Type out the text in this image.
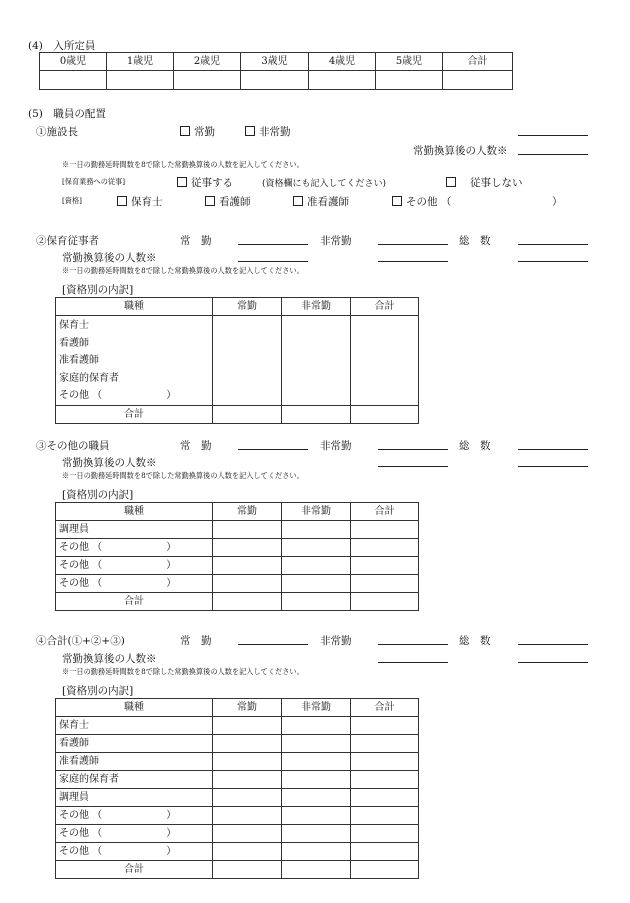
(4)　入所定員
0歳児	1歳児	2歳児	3歳児	4歳児	5歳児	合計

(5)　職員の配置
①施設長	常勤	非常勤
常勤換算後の人数※
※一日の勤務延時間数を8で除した常勤換算後の人数を記入してください。
[保育業務への従事]	従事する	(資格欄にも記入してください)	従事しない
[資格]	保育士	看護師	准看護師	その他 （	）
②保育従事者	常　勤	非常勤	総　数
常勤換算後の人数※
※一日の勤務延時間数を8で除した常勤換算後の人数を記入してください。
[資格別の内訳]
職種	常勤	非常勤	合計

保育士
看護師
准看護師
家庭的保育者
その他 （ ）			

合計			
③その他の職員	常　勤	非常勤	総　数
常勤換算後の人数※
※一日の勤務延時間数を8で除した常勤換算後の人数を記入してください。
[資格別の内訳]
職種	常勤	非常勤	合計
調理員			
その他 （ ）			
その他 （ ）			
その他 （ ）			
合計			
④合計(①+②+③)	常　勤	非常勤	総　数
常勤換算後の人数※
※一日の勤務延時間数を8で除した常勤換算後の人数を記入してください。
[資格別の内訳]
職種	常勤	非常勤	合計
保育士			
看護師			
准看護師			
家庭的保育者			
調理員			
その他 （ ）			
その他 （ ）			
その他 （ ）			
合計			
